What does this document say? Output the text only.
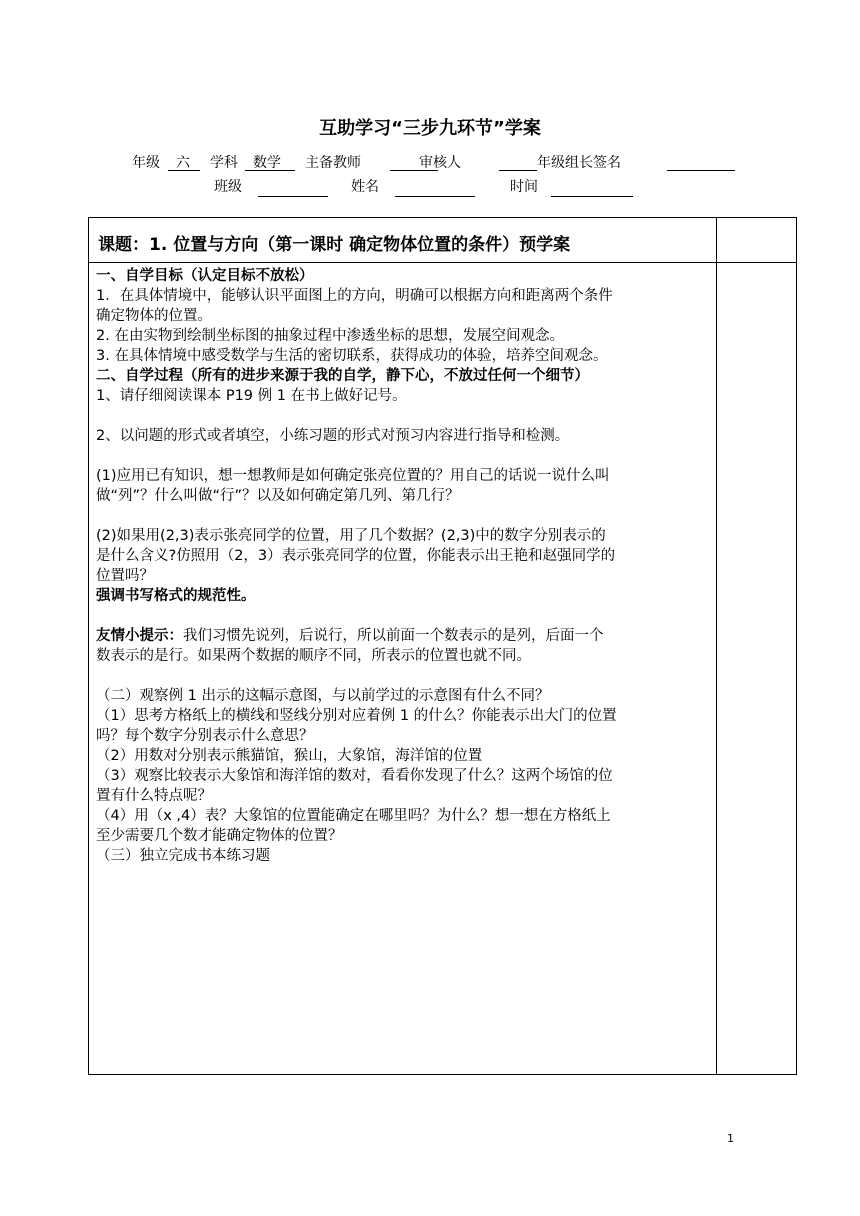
互助学习“三步九环节”学案
年级 六 学科 数学 主备教师	审核人	年级组长签名
班级	姓名	时间
课题：1. 位置与方向（第一课时 确定物体位置的条件）预学案

一、自学目标（认定目标不放松）

1．在具体情境中，能够认识平面图上的方向，明确可以根据方向和距离两个条件

确定物体的位置。

2. 在由实物到绘制坐标图的抽象过程中渗透坐标的思想，发展空间观念。

3. 在具体情境中感受数学与生活的密切联系，获得成功的体验，培养空间观念。

二、自学过程（所有的进步来源于我的自学，静下心，不放过任何一个细节）

1、请仔细阅读课本 P19 例 1 在书上做好记号。

2、以问题的形式或者填空，小练习题的形式对预习内容进行指导和检测。

(1)应用已有知识，想一想教师是如何确定张亮位置的？用自己的话说一说什么叫

做“列”？什么叫做“行”？以及如何确定第几列、第几行？

(2)如果用(2,3)表示张亮同学的位置，用了几个数据？(2,3)中的数字分别表示的

是什么含义?仿照用（2，3）表示张亮同学的位置，你能表示出王艳和赵强同学的

位置吗？

强调书写格式的规范性。

友情小提示：我们习惯先说列，后说行，所以前面一个数表示的是列，后面一个

数表示的是行。如果两个数据的顺序不同，所表示的位置也就不同。

（二）观察例 1 出示的这幅示意图，与以前学过的示意图有什么不同？

（1）思考方格纸上的横线和竖线分别对应着例 1 的什么？你能表示出大门的位置

吗？每个数字分别表示什么意思？

（2）用数对分别表示熊猫馆，猴山，大象馆，海洋馆的位置

（3）观察比较表示大象馆和海洋馆的数对，看看你发现了什么？这两个场馆的位

置有什么特点呢？

（4）用（x ,4）表？大象馆的位置能确定在哪里吗？为什么？想一想在方格纸上

至少需要几个数才能确定物体的位置？

（三）独立完成书本练习题

1
